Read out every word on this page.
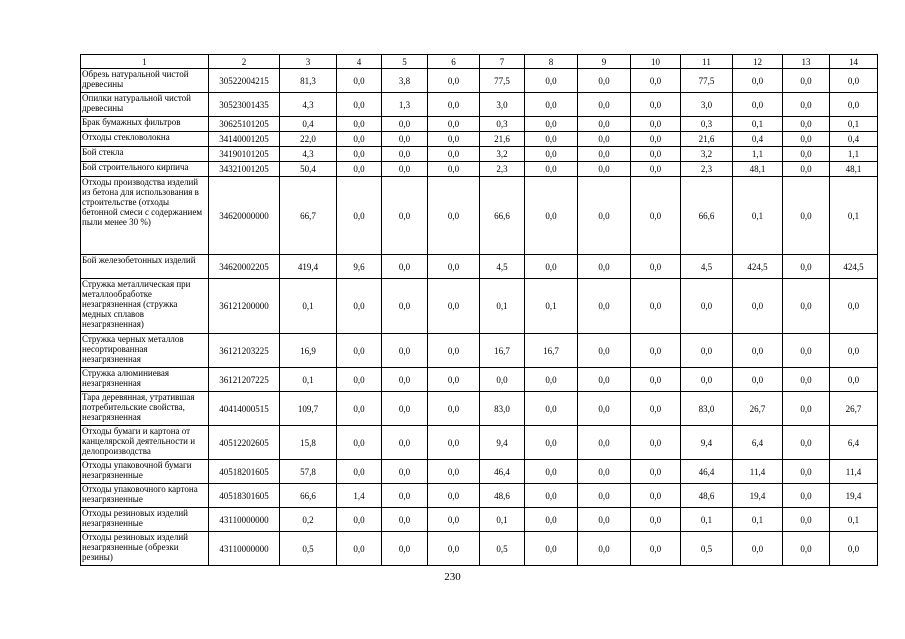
1	2	3	4	5	6	7	8	9	10	11	12	13	14
Обрезь натуральной чистой древесины	30522004215	81,3	0,0	3,8	0,0	77,5	0,0	0,0	0,0	77,5	0,0	0,0	0,0
Опилки натуральной чистой древесины	30523001435	4,3	0,0	1,3	0,0	3,0	0,0	0,0	0,0	3,0	0,0	0,0	0,0
Брак бумажных фильтров	30625101205	0,4	0,0	0,0	0,0	0,3	0,0	0,0	0,0	0,3	0,1	0,0	0,1
Отходы стекловолокна	34140001205	22,0	0,0	0,0	0,0	21,6	0,0	0,0	0,0	21,6	0,4	0,0	0,4
Бой стекла	34190101205	4,3	0,0	0,0	0,0	3,2	0,0	0,0	0,0	3,2	1,1	0,0	1,1
Бой строительного кирпича	34321001205	50,4	0,0	0,0	0,0	2,3	0,0	0,0	0,0	2,3	48,1	0,0	48,1
Отходы производства изделий из бетона для использования в строительстве (отходы бетонной смеси с содержанием пыли менее 30 %)	34620000000	66,7	0,0	0,0	0,0	66,6	0,0	0,0	0,0	66,6	0,1	0,0	0,1
Бой железобетонных изделий	34620002205	419,4	9,6	0,0	0,0	4,5	0,0	0,0	0,0	4,5	424,5	0,0	424,5
Стружка металлическая при металлообработке незагрязненная (стружка медных сплавов незагрязненная)	36121200000	0,1	0,0	0,0	0,0	0,1	0,1	0,0	0,0	0,0	0,0	0,0	0,0
Стружка черных металлов несортированная незагрязненная	36121203225	16,9	0,0	0,0	0,0	16,7	16,7	0,0	0,0	0,0	0,0	0,0	0,0
Стружка алюминиевая незагрязненная	36121207225	0,1	0,0	0,0	0,0	0,0	0,0	0,0	0,0	0,0	0,0	0,0	0,0
Тара деревянная, утратившая потребительские свойства, незагрязненная	40414000515	109,7	0,0	0,0	0,0	83,0	0,0	0,0	0,0	83,0	26,7	0,0	26,7
Отходы бумаги и картона от канцелярской деятельности и делопроизводства	40512202605	15,8	0,0	0,0	0,0	9,4	0,0	0,0	0,0	9,4	6,4	0,0	6,4
Отходы упаковочной бумаги незагрязненные	40518201605	57,8	0,0	0,0	0,0	46,4	0,0	0,0	0,0	46,4	11,4	0,0	11,4
Отходы упаковочного картона незагрязненные	40518301605	66,6	1,4	0,0	0,0	48,6	0,0	0,0	0,0	48,6	19,4	0,0	19,4
Отходы резиновых изделий незагрязненные	43110000000	0,2	0,0	0,0	0,0	0,1	0,0	0,0	0,0	0,1	0,1	0,0	0,1
Отходы резиновых изделий незагрязненные (обрезки резины)	43110000000	0,5	0,0	0,0	0,0	0,5	0,0	0,0	0,0	0,5	0,0	0,0	0,0
230
